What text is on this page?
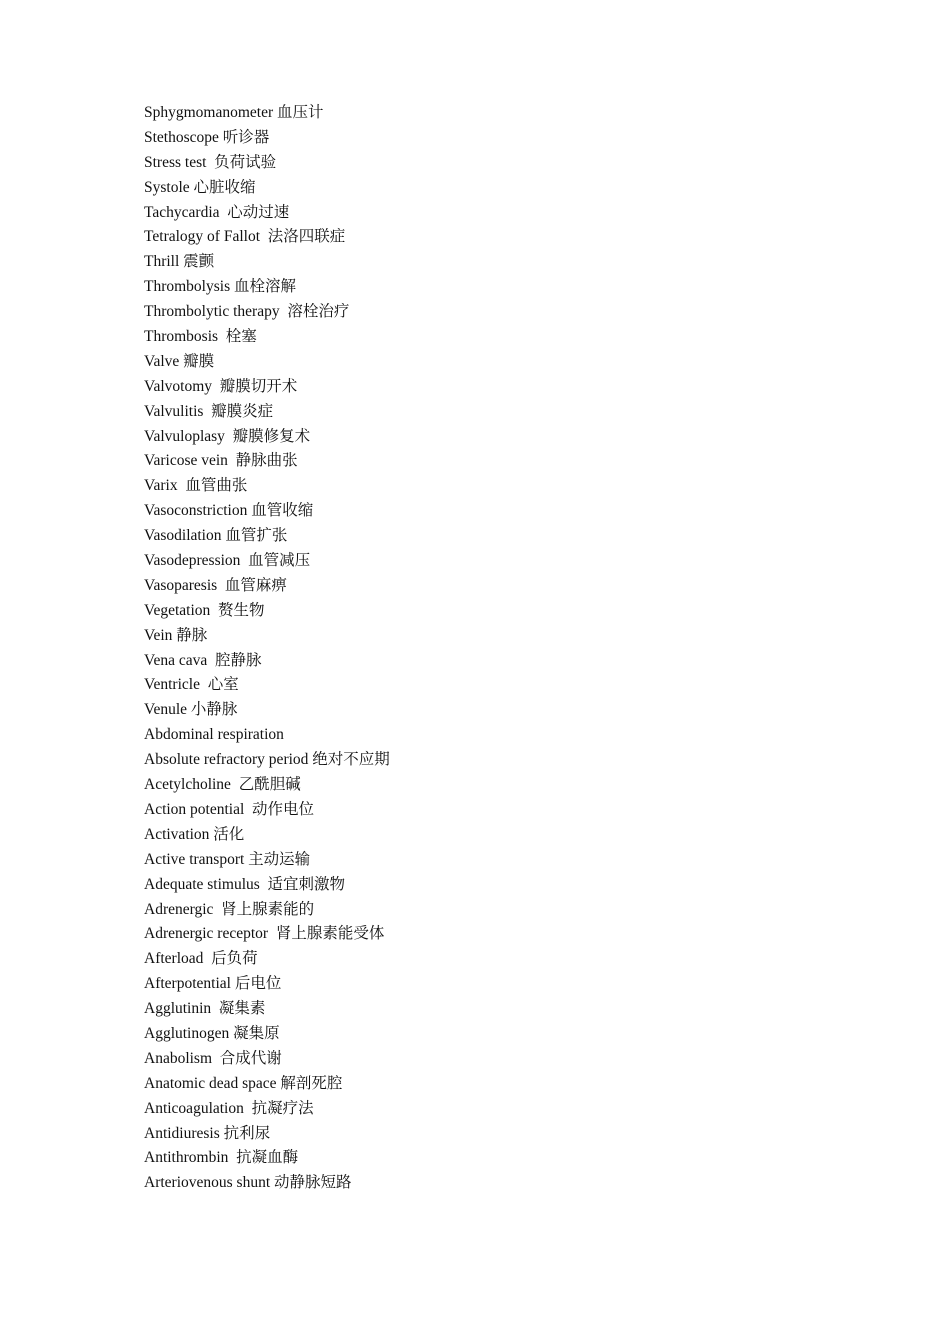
Sphygmomanometer 血压计
Stethoscope 听诊器
Stress test  负荷试验
Systole 心脏收缩
Tachycardia  心动过速
Tetralogy of Fallot  法洛四联症
Thrill 震颤
Thrombolysis 血栓溶解
Thrombolytic therapy  溶栓治疗
Thrombosis  栓塞
Valve 瓣膜
Valvotomy  瓣膜切开术
Valvulitis  瓣膜炎症
Valvuloplasy  瓣膜修复术
Varicose vein  静脉曲张
Varix  血管曲张
Vasoconstriction 血管收缩
Vasodilation 血管扩张
Vasodepression  血管减压
Vasoparesis  血管麻痹
Vegetation  赘生物
Vein 静脉
Vena cava  腔静脉
Ventricle  心室
Venule 小静脉
Abdominal respiration
Absolute refractory period 绝对不应期
Acetylcholine  乙酰胆碱
Action potential  动作电位
Activation 活化
Active transport 主动运输
Adequate stimulus  适宜刺激物
Adrenergic  肾上腺素能的
Adrenergic receptor  肾上腺素能受体
Afterload  后负荷
Afterpotential 后电位
Agglutinin  凝集素
Agglutinogen 凝集原
Anabolism  合成代谢
Anatomic dead space 解剖死腔
Anticoagulation  抗凝疗法
Antidiuresis 抗利尿
Antithrombin  抗凝血酶
Arteriovenous shunt 动静脉短路
